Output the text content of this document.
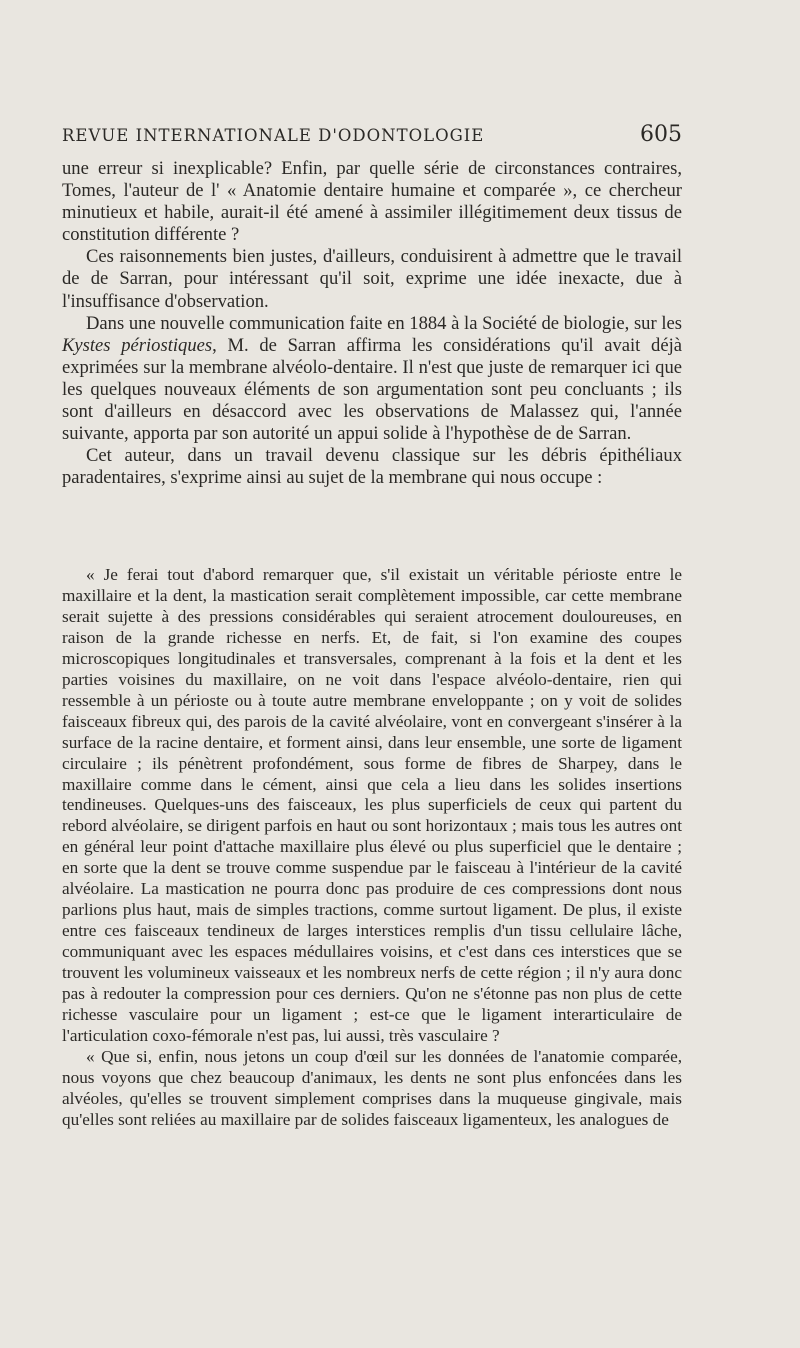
REVUE INTERNATIONALE D'ODONTOLOGIE	605

une erreur si inexplicable? Enfin, par quelle série de circonstances contraires, Tomes, l'auteur de l' « Anatomie dentaire humaine et comparée », ce chercheur minutieux et habile, aurait-il été amené à assimiler illégitimement deux tissus de constitution différente ?

Ces raisonnements bien justes, d'ailleurs, conduisirent à admettre que le travail de de Sarran, pour intéressant qu'il soit, exprime une idée inexacte, due à l'insuffisance d'observation.

Dans une nouvelle communication faite en 1884 à la Société de biologie, sur les Kystes périostiques, M. de Sarran affirma les considérations qu'il avait déjà exprimées sur la membrane alvéolo-dentaire. Il n'est que juste de remarquer ici que les quelques nouveaux éléments de son argumentation sont peu concluants ; ils sont d'ailleurs en désaccord avec les observations de Malassez qui, l'année suivante, apporta par son autorité un appui solide à l'hypothèse de de Sarran.

Cet auteur, dans un travail devenu classique sur les débris épithéliaux paradentaires, s'exprime ainsi au sujet de la membrane qui nous occupe :

« Je ferai tout d'abord remarquer que, s'il existait un véritable périoste entre le maxillaire et la dent, la mastication serait complètement impossible, car cette membrane serait sujette à des pressions considérables qui seraient atrocement douloureuses, en raison de la grande richesse en nerfs. Et, de fait, si l'on examine des coupes microscopiques longitudinales et transversales, comprenant à la fois et la dent et les parties voisines du maxillaire, on ne voit dans l'espace alvéolo-dentaire, rien qui ressemble à un périoste ou à toute autre membrane enveloppante ; on y voit de solides faisceaux fibreux qui, des parois de la cavité alvéolaire, vont en convergeant s'insérer à la surface de la racine dentaire, et forment ainsi, dans leur ensemble, une sorte de ligament circulaire ; ils pénètrent profondément, sous forme de fibres de Sharpey, dans le maxillaire comme dans le cément, ainsi que cela a lieu dans les solides insertions tendineuses. Quelques-uns des faisceaux, les plus superficiels de ceux qui partent du rebord alvéolaire, se dirigent parfois en haut ou sont horizontaux ; mais tous les autres ont en général leur point d'attache maxillaire plus élevé ou plus superficiel que le dentaire ; en sorte que la dent se trouve comme suspendue par le faisceau à l'intérieur de la cavité alvéolaire. La mastication ne pourra donc pas produire de ces compressions dont nous parlions plus haut, mais de simples tractions, comme surtout ligament. De plus, il existe entre ces faisceaux tendineux de larges interstices remplis d'un tissu cellulaire lâche, communiquant avec les espaces médullaires voisins, et c'est dans ces interstices que se trouvent les volumineux vaisseaux et les nombreux nerfs de cette région ; il n'y aura donc pas à redouter la compression pour ces derniers. Qu'on ne s'étonne pas non plus de cette richesse vasculaire pour un ligament ; est-ce que le ligament interarticulaire de l'articulation coxo-fémorale n'est pas, lui aussi, très vasculaire ?

« Que si, enfin, nous jetons un coup d'œil sur les données de l'anatomie comparée, nous voyons que chez beaucoup d'animaux, les dents ne sont plus enfoncées dans les alvéoles, qu'elles se trouvent simplement comprises dans la muqueuse gingivale, mais qu'elles sont reliées au maxillaire par de solides faisceaux ligamenteux, les analogues de
